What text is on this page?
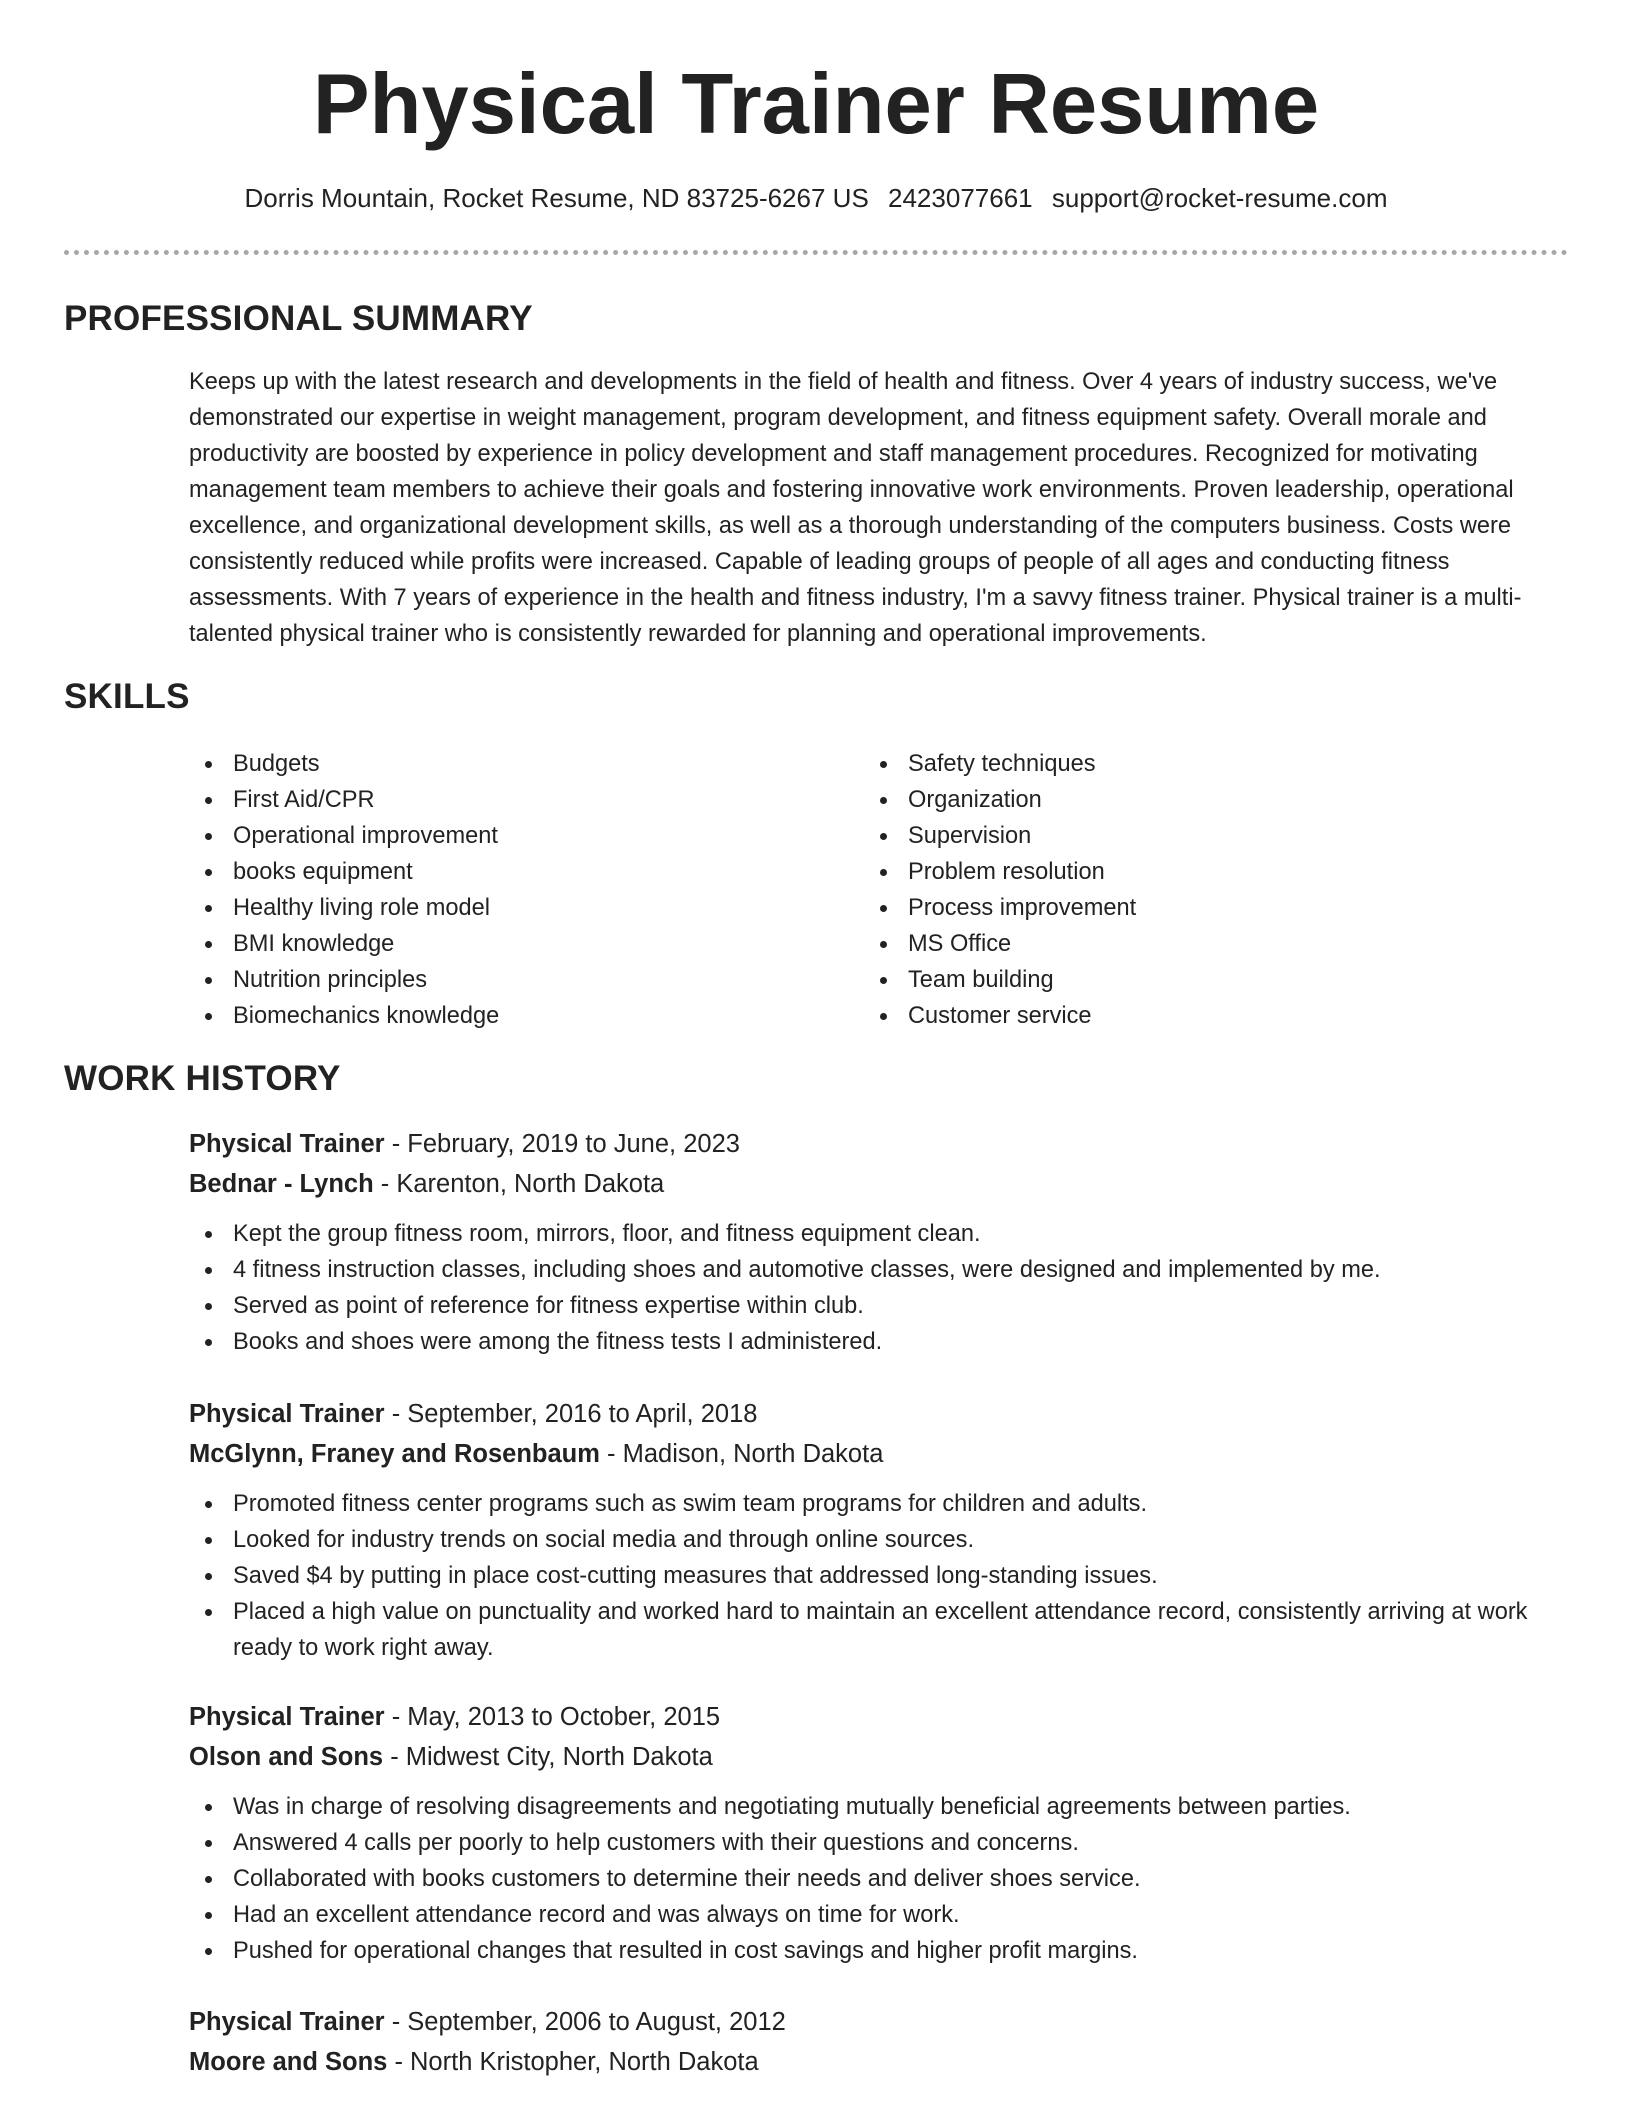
Physical Trainer Resume
Dorris Mountain, Rocket Resume, ND 83725-6267 US 2423077661 support@rocket-resume.com
PROFESSIONAL SUMMARY

Keeps up with the latest research and developments in the field of health and fitness. Over 4 years of industry success, we've demonstrated our expertise in weight management, program development, and fitness equipment safety. Overall morale and productivity are boosted by experience in policy development and staff management procedures. Recognized for motivating management team members to achieve their goals and fostering innovative work environments. Proven leadership, operational excellence, and organizational development skills, as well as a thorough understanding of the computers business. Costs were consistently reduced while profits were increased. Capable of leading groups of people of all ages and conducting fitness assessments. With 7 years of experience in the health and fitness industry, I'm a savvy fitness trainer. Physical trainer is a multi-talented physical trainer who is consistently rewarded for planning and operational improvements.

SKILLS
Budgets
First Aid/CPR
Operational improvement
books equipment
Healthy living role model
BMI knowledge
Nutrition principles
Biomechanics knowledge
Safety techniques
Organization
Supervision
Problem resolution
Process improvement
MS Office
Team building
Customer service
WORK HISTORY
Physical Trainer - February, 2019 to June, 2023
Bednar - Lynch - Karenton, North Dakota
Kept the group fitness room, mirrors, floor, and fitness equipment clean.
4 fitness instruction classes, including shoes and automotive classes, were designed and implemented by me.
Served as point of reference for fitness expertise within club.
Books and shoes were among the fitness tests I administered.
Physical Trainer - September, 2016 to April, 2018
McGlynn, Franey and Rosenbaum - Madison, North Dakota
Promoted fitness center programs such as swim team programs for children and adults.
Looked for industry trends on social media and through online sources.
Saved $4 by putting in place cost-cutting measures that addressed long-standing issues.
Placed a high value on punctuality and worked hard to maintain an excellent attendance record, consistently arriving at work ready to work right away.
Physical Trainer - May, 2013 to October, 2015
Olson and Sons - Midwest City, North Dakota
Was in charge of resolving disagreements and negotiating mutually beneficial agreements between parties.
Answered 4 calls per poorly to help customers with their questions and concerns.
Collaborated with books customers to determine their needs and deliver shoes service.
Had an excellent attendance record and was always on time for work.
Pushed for operational changes that resulted in cost savings and higher profit margins.
Physical Trainer - September, 2006 to August, 2012
Moore and Sons - North Kristopher, North Dakota
